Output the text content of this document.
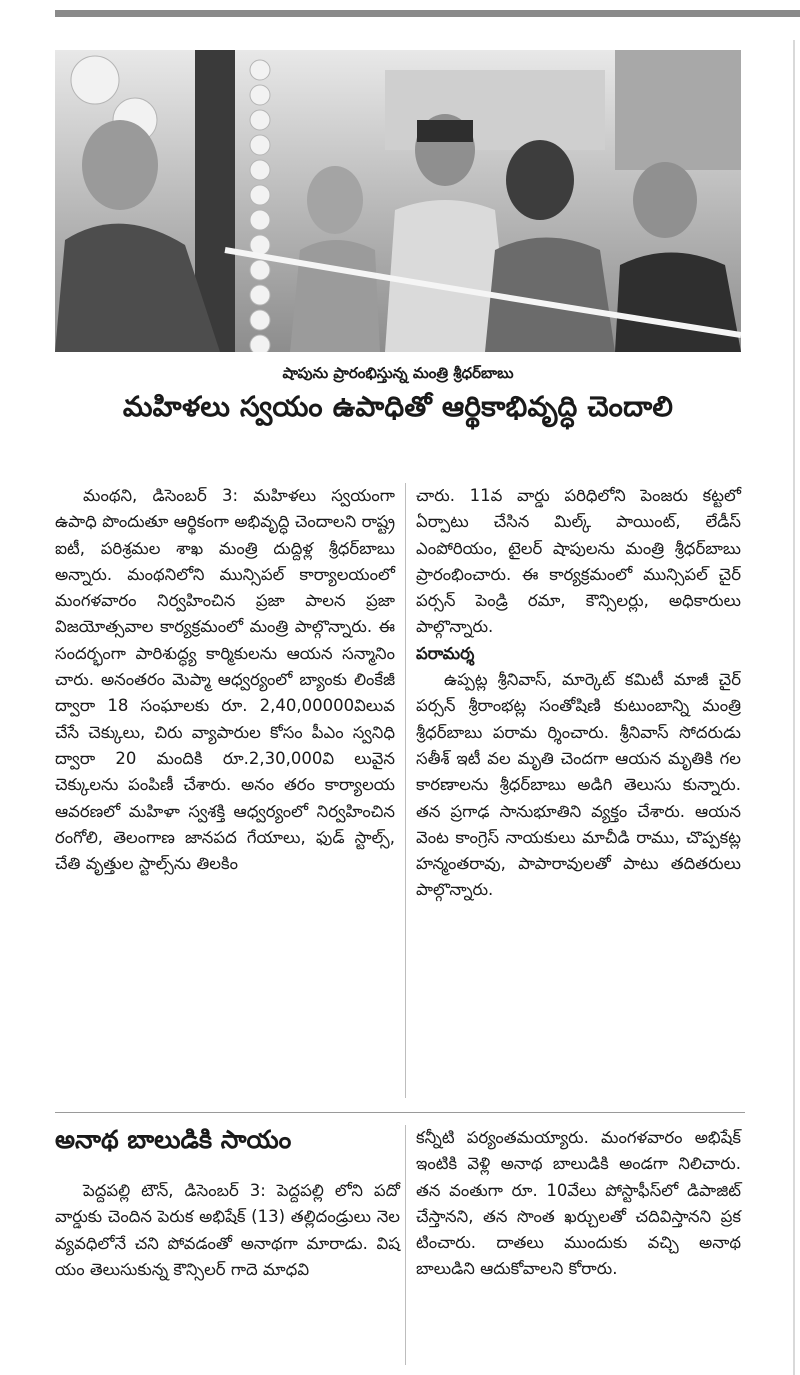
షాపును ప్రారంభిస్తున్న మంత్రి శ్రీధర్‌బాబు
మహిళలు స్వయం ఉపాధితో ఆర్థికాభివృద్ధి చెందాలి

మంథని, డిసెంబర్ 3: మహిళలు స్వయంగా ఉపాధి పొందుతూ ఆర్థికంగా అభివృద్ధి చెందాలని రాష్ట్ర ఐటీ, పరిశ్రమల శాఖ మంత్రి దుద్దిళ్ల శ్రీధర్‌బాబు అన్నారు. మంథనిలోని మున్సిపల్ కార్యాలయంలో మంగళవారం నిర్వహించిన ప్రజా పాలన ప్రజా విజయోత్సవాల కార్యక్రమంలో మంత్రి పాల్గొన్నారు. ఈ సందర్భంగా పారిశుద్ధ్య కార్మికులను ఆయన సన్మానిం చారు. అనంతరం మెప్మా ఆధ్వర్యంలో బ్యాంకు లింకేజీ ద్వారా 18 సంఘాలకు రూ. 2,40,00000విలువ చేసే చెక్కులు, చిరు వ్యాపారుల కోసం పీఎం స్వనిధి ద్వారా 20 మందికి రూ.2,30,000వి లువైన చెక్కులను పంపిణీ చేశారు. అనం తరం కార్యాలయ ఆవరణలో మహిళా స్వశక్తి ఆధ్వర్యంలో నిర్వహించిన రంగోలి, తెలంగాణ జానపద గేయాలు, ఫుడ్ స్టాల్స్, చేతి వృత్తుల స్టాల్స్‌ను తిలకిం

చారు. 11వ వార్డు పరిధిలోని పెంజరు కట్టలో ఏర్పాటు చేసిన మిల్క్ పాయింట్, లేడీస్ ఎంపోరియం, టైలర్ షాపులను మంత్రి శ్రీధర్‌బాబు ప్రారంభించారు. ఈ కార్యక్రమంలో మున్సిపల్ చైర్ పర్సన్ పెండ్రి రమా, కౌన్సిలర్లు, అధికారులు పాల్గొన్నారు.

పరామర్శ

ఉప్పట్ల శ్రీనివాస్, మార్కెట్ కమిటీ మాజీ చైర్ పర్సన్ శ్రీరాంభట్ల సంతోషిణి కుటుంబాన్ని మంత్రి శ్రీధర్‌బాబు పరామ ర్శించారు. శ్రీనివాస్ సోదరుడు సతీశ్ ఇటీ వల మృతి చెందగా ఆయన మృతికి గల కారణాలను శ్రీధర్‌బాబు అడిగి తెలుసు కున్నారు. తన ప్రగాఢ సానుభూతిని వ్యక్తం చేశారు. ఆయన వెంట కాంగ్రెస్ నాయకులు మాచీడి రాము, చొప్పకట్ల హన్మంతరావు, పాపారావులతో పాటు తదితరులు పాల్గొన్నారు.

అనాథ బాలుడికి సాయం

పెద్దపల్లి టౌన్, డిసెంబర్ 3: పెద్దపల్లి లోని పదో వార్డుకు చెందిన పెరుక అభిషేక్ (13) తల్లిదండ్రులు నెల వ్యవధిలోనే చని పోవడంతో అనాథగా మారాడు. విష యం తెలుసుకున్న కౌన్సిలర్ గాదె మాధవి

కన్నీటి పర్యంతమయ్యారు. మంగళవారం అభిషేక్ ఇంటికి వెళ్లి అనాథ బాలుడికి అండగా నిలిచారు. తన వంతుగా రూ. 10వేలు పోస్టాఫీస్‌లో డిపాజిట్ చేస్తానని, తన సొంత ఖర్చులతో చదివిస్తానని ప్రక టించారు. దాతలు ముందుకు వచ్చి అనాథ బాలుడిని ఆదుకోవాలని కోరారు.
